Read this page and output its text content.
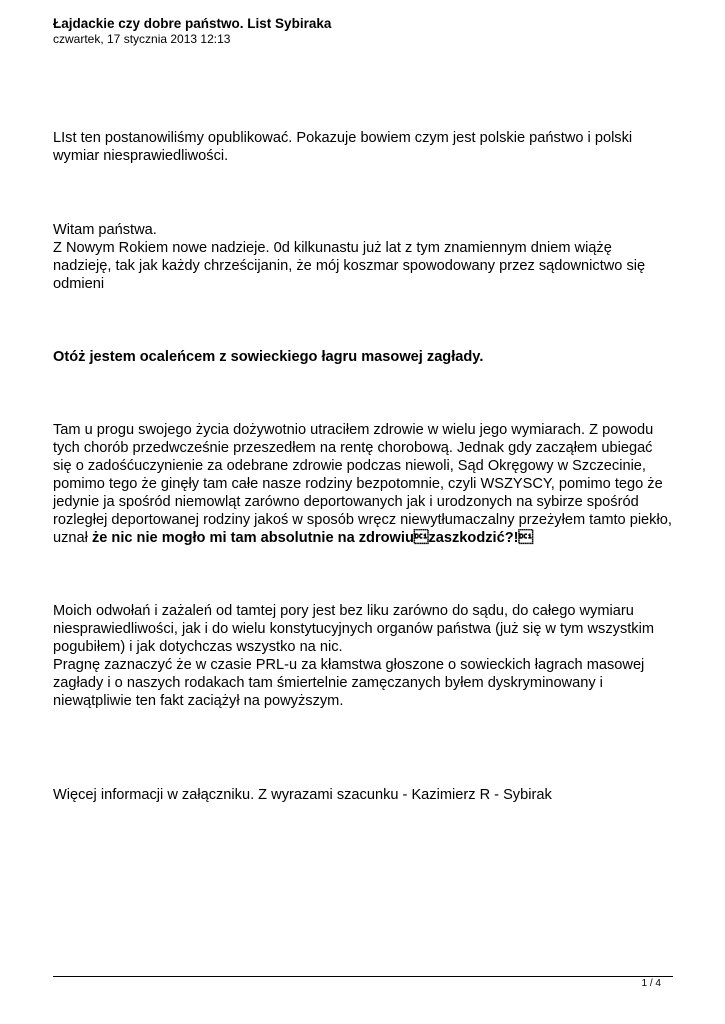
Łajdackie czy dobre państwo. List Sybiraka
czwartek, 17 stycznia 2013 12:13

LIst ten postanowiliśmy opublikować. Pokazuje bowiem czym jest polskie państwo i polski

wymiar niesprawiedliwości.

Witam państwa.

Z Nowym Rokiem nowe nadzieje. 0d kilkunastu już lat z tym znamiennym dniem wiążę

nadzieję, tak jak każdy chrześcijanin, że mój koszmar spowodowany przez sądownictwo się

odmieni

Otóż jestem ocaleńcem z sowieckiego łagru masowej zagłady.

Tam u progu swojego życia dożywotnio utraciłem zdrowie w wielu jego wymiarach. Z powodu

tych chorób przedwcześnie przeszedłem na rentę chorobową. Jednak gdy zacząłem ubiegać

się o zadośćuczynienie za odebrane zdrowie podczas niewoli, Sąd Okręgowy w Szczecinie,

pomimo tego że ginęły tam całe nasze rodziny bezpotomnie, czyli WSZYSCY, pomimo tego że

jedynie ja spośród niemowląt zarówno deportowanych jak i urodzonych na sybirze spośród

rozległej deportowanej rodziny jakoś w sposób wręcz niewytłumaczalny przeżyłem tamto piekło,

uznał że nic nie mogło mi tam absolutnie na zdrowiuzaszkodzić?!

Moich odwołań i zażaleń od tamtej pory jest bez liku zarówno do sądu, do całego wymiaru

niesprawiedliwości, jak i do wielu konstytucyjnych organów państwa (już się w tym wszystkim

pogubiłem) i jak dotychczas wszystko na nic.

Pragnę zaznaczyć że w czasie PRL-u za kłamstwa głoszone o sowieckich łagrach masowej

zagłady i o naszych rodakach tam śmiertelnie zamęczanych byłem dyskryminowany i

niewątpliwie ten fakt zaciążył na powyższym.

Więcej informacji w załączniku. Z wyrazami szacunku - Kazimierz R - Sybirak

1 / 4
